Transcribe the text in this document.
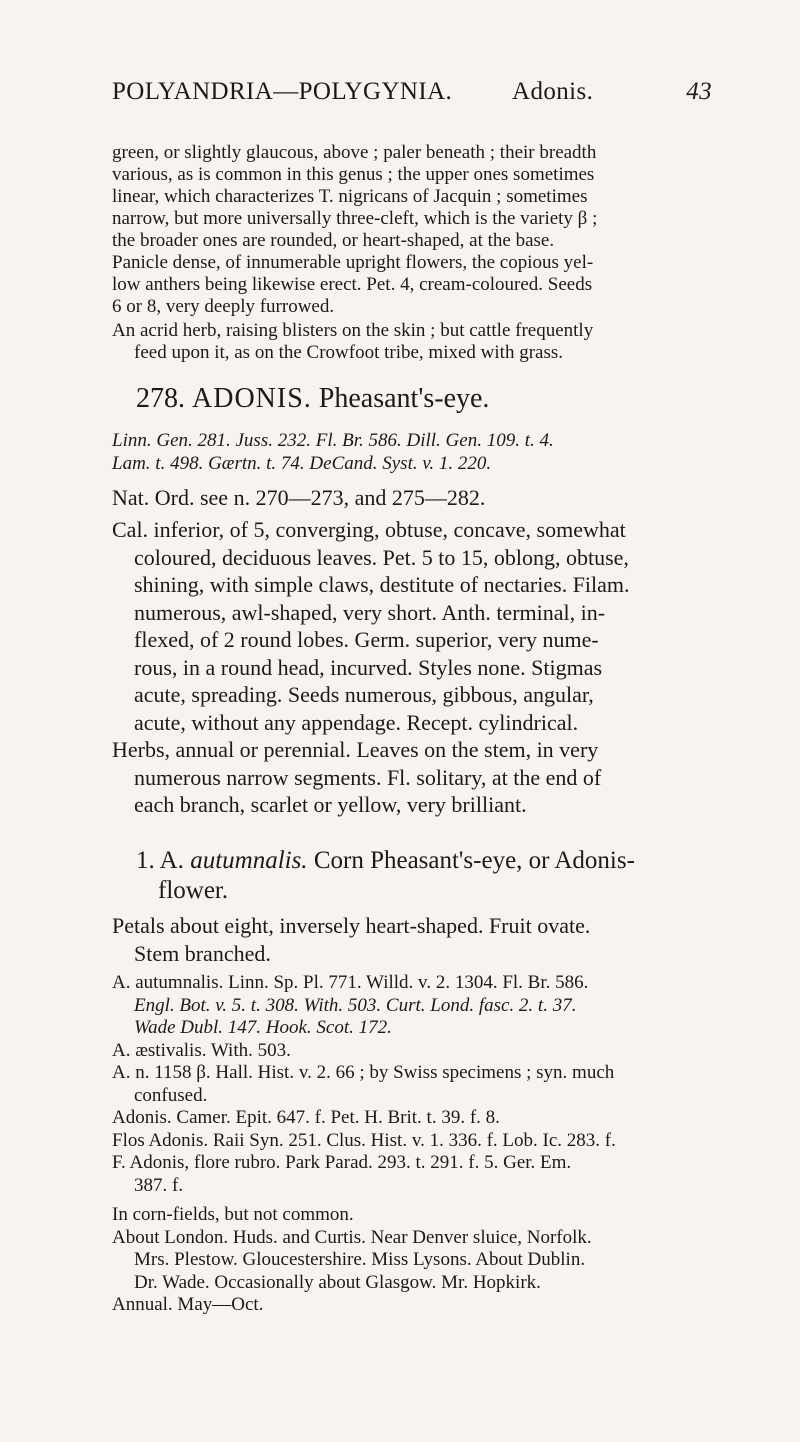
POLYANDRIA—POLYGYNIA. Adonis.	43
green, or slightly glaucous, above ; paler beneath ; their breadth
various, as is common in this genus ; the upper ones sometimes
linear, which characterizes T. nigricans of Jacquin ; sometimes
narrow, but more universally three-cleft, which is the variety β ;
the broader ones are rounded, or heart-shaped, at the base.
Panicle dense, of innumerable upright flowers, the copious yel-
low anthers being likewise erect. Pet. 4, cream-coloured. Seeds
6 or 8, very deeply furrowed.
An acrid herb, raising blisters on the skin ; but cattle frequently
feed upon it, as on the Crowfoot tribe, mixed with grass.
278. ADONIS. Pheasant's-eye.
Linn. Gen. 281. Juss. 232. Fl. Br. 586. Dill. Gen. 109. t. 4.
Lam. t. 498. Gærtn. t. 74. DeCand. Syst. v. 1. 220.
Nat. Ord. see n. 270—273, and 275—282.
Cal. inferior, of 5, converging, obtuse, concave, somewhat
coloured, deciduous leaves. Pet. 5 to 15, oblong, obtuse,
shining, with simple claws, destitute of nectaries. Filam.
numerous, awl-shaped, very short. Anth. terminal, in-
flexed, of 2 round lobes. Germ. superior, very nume-
rous, in a round head, incurved. Styles none. Stigmas
acute, spreading. Seeds numerous, gibbous, angular,
acute, without any appendage. Recept. cylindrical.
Herbs, annual or perennial. Leaves on the stem, in very
numerous narrow segments. Fl. solitary, at the end of
each branch, scarlet or yellow, very brilliant.
1. A. autumnalis. Corn Pheasant's-eye, or Adonis-
flower.
Petals about eight, inversely heart-shaped. Fruit ovate.
Stem branched.
A. autumnalis. Linn. Sp. Pl. 771. Willd. v. 2. 1304. Fl. Br. 586.
Engl. Bot. v. 5. t. 308. With. 503. Curt. Lond. fasc. 2. t. 37.
Wade Dubl. 147. Hook. Scot. 172.
A. æstivalis. With. 503.
A. n. 1158 β. Hall. Hist. v. 2. 66 ; by Swiss specimens ; syn. much
confused.
Adonis. Camer. Epit. 647. f. Pet. H. Brit. t. 39. f. 8.
Flos Adonis. Raii Syn. 251. Clus. Hist. v. 1. 336. f. Lob. Ic. 283. f.
F. Adonis, flore rubro. Park Parad. 293. t. 291. f. 5. Ger. Em.
387. f.
In corn-fields, but not common.
About London. Huds. and Curtis. Near Denver sluice, Norfolk.
Mrs. Plestow. Gloucestershire. Miss Lysons. About Dublin.
Dr. Wade. Occasionally about Glasgow. Mr. Hopkirk.
Annual. May—Oct.
